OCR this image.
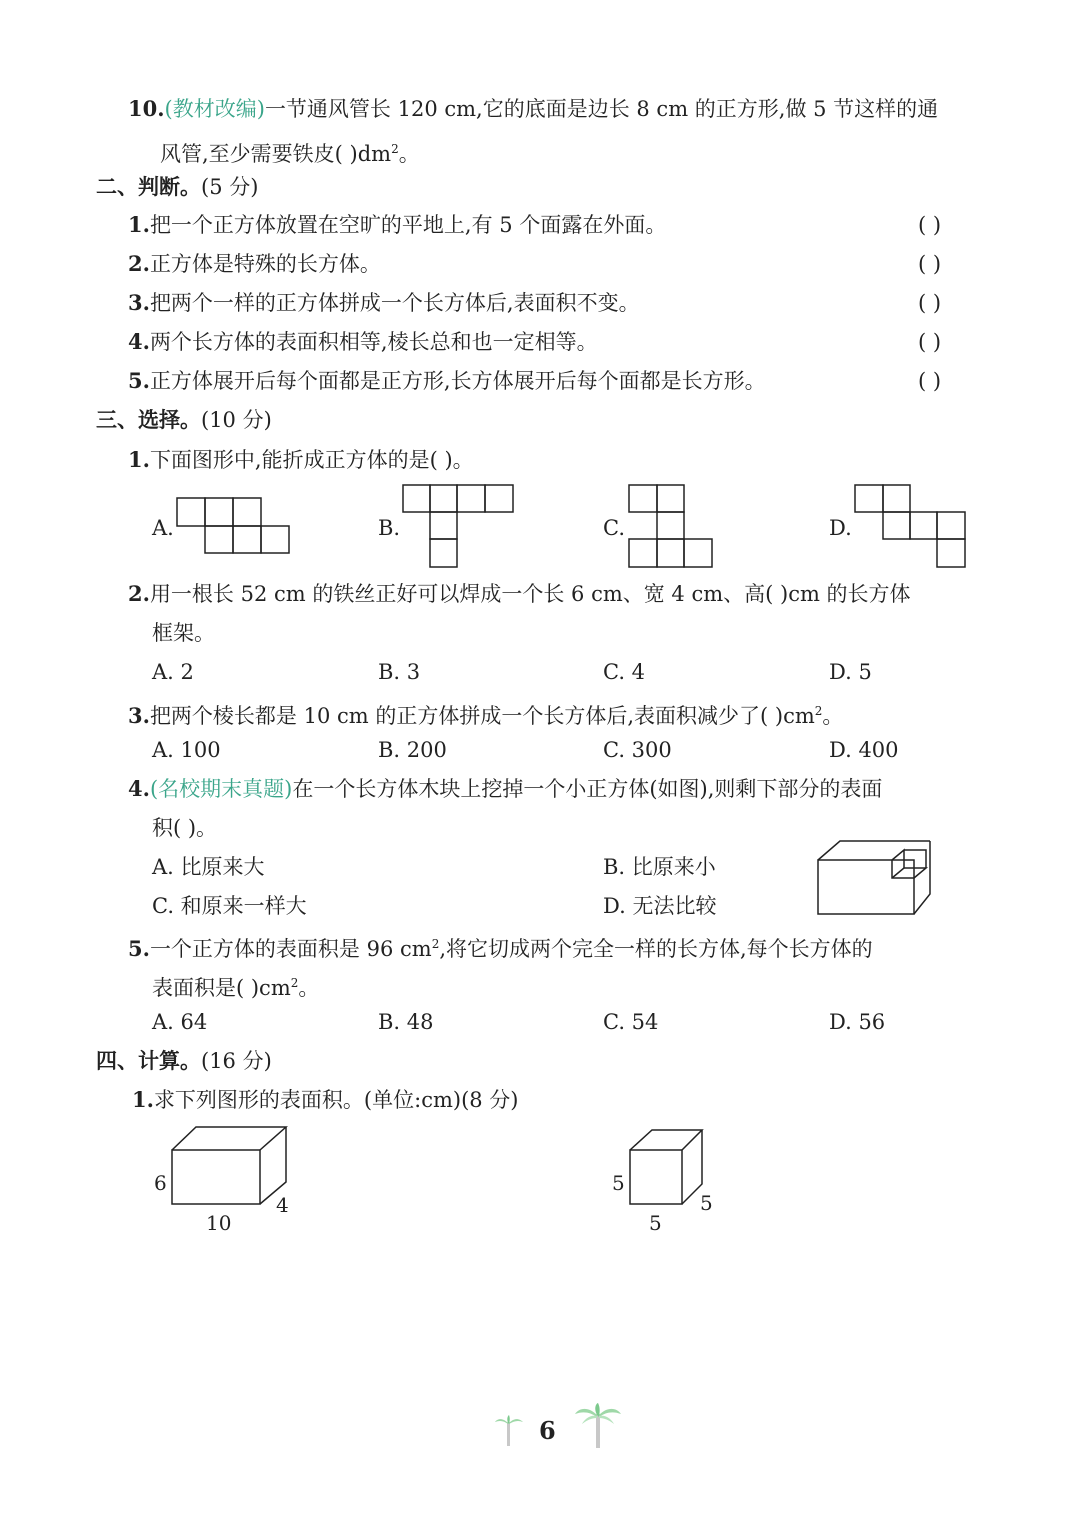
10.(教材改编)一节通风管长 120 cm,它的底面是边长 8 cm 的正方形,做 5 节这样的通
风管,至少需要铁皮( )$dm^2$。
二、判断。(5 分)
1.把一个正方体放置在空旷的平地上,有 5 个面露在外面。	( )
2.正方体是特殊的长方体。	( )
3.把两个一样的正方体拼成一个长方体后,表面积不变。	( )
4.两个长方体的表面积相等,棱长总和也一定相等。	( )
5.正方体展开后每个面都是正方形,长方体展开后每个面都是长方形。	( )
三、选择。(10 分)
1.下面图形中,能折成正方体的是( )。
A.	B.	C.	D.
2.用一根长 52 cm 的铁丝正好可以焊成一个长 6 cm、宽 4 cm、高( )cm 的长方体
框架。
A. 2	B. 3	C. 4	D. 5
3.把两个棱长都是 10 cm 的正方体拼成一个长方体后,表面积减少了( )$cm^2$。
A. 100	B. 200	C. 300	D. 400
4.(名校期末真题)在一个长方体木块上挖掉一个小正方体(如图),则剩下部分的表面
积( )。
A. 比原来大	B. 比原来小
C. 和原来一样大	D. 无法比较
5.一个正方体的表面积是 96 $cm^2$,将它切成两个完全一样的长方体,每个长方体的
表面积是( )$cm^2$。
A. 64	B. 48	C. 54	D. 56
四、计算。(16 分)
1.求下列图形的表面积。(单位:cm)(8 分)
6
10
4
5
5
5
6
